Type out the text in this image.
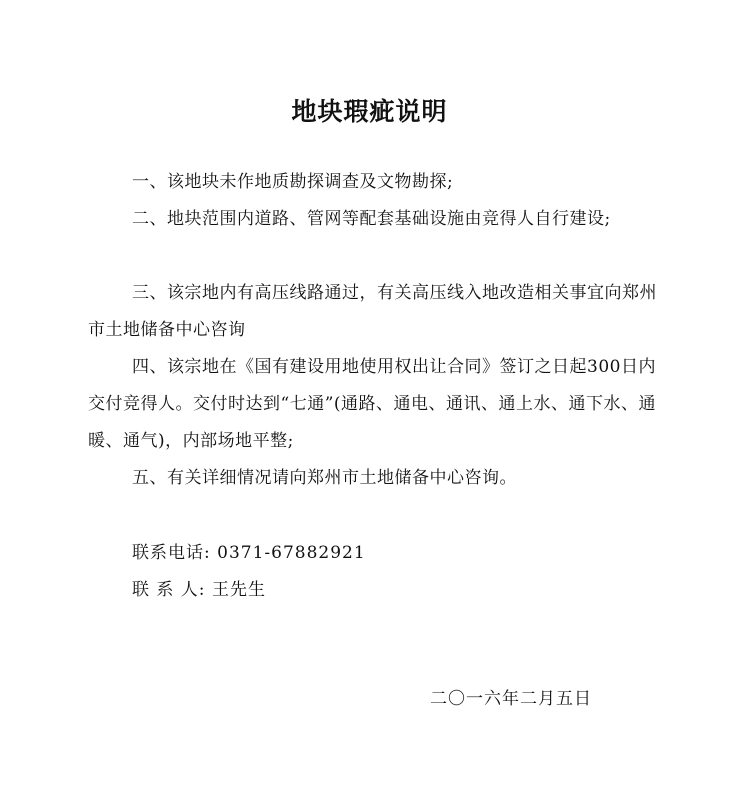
地块瑕疵说明
一、该地块未作地质勘探调查及文物勘探;
二、地块范围内道路、管网等配套基础设施由竞得人自行建设;
三、该宗地内有高压线路通过，有关高压线入地改造相关事宜向郑州市土地储备中心咨询
四、该宗地在《国有建设用地使用权出让合同》签订之日起300日内交付竞得人。交付时达到“七通”(通路、通电、通讯、通上水、通下水、通暖、通气)，内部场地平整;
五、有关详细情况请向郑州市土地储备中心咨询。
联系电话: 0371-67882921
联 系 人: 王先生
二〇一六年二月五日
